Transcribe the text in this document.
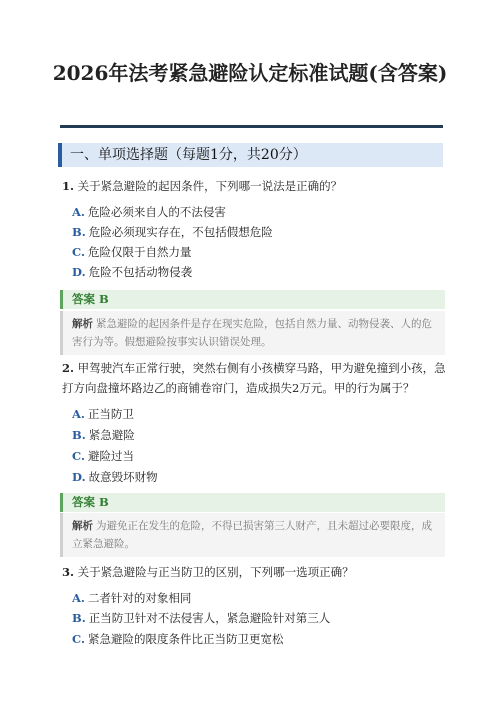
2026年法考紧急避险认定标准试题(含答案)
一、单项选择题（每题1分，共20分）
1. 关于紧急避险的起因条件，下列哪一说法是正确的？
A. 危险必须来自人的不法侵害
B. 危险必须现实存在，不包括假想危险
C. 危险仅限于自然力量
D. 危险不包括动物侵袭
答案 B
解析 紧急避险的起因条件是存在现实危险，包括自然力量、动物侵袭、人的危害行为等。假想避险按事实认识错误处理。
2. 甲驾驶汽车正常行驶，突然右侧有小孩横穿马路，甲为避免撞到小孩，急打方向盘撞坏路边乙的商铺卷帘门，造成损失2万元。甲的行为属于？
A. 正当防卫
B. 紧急避险
C. 避险过当
D. 故意毁坏财物
答案 B
解析 为避免正在发生的危险，不得已损害第三人财产，且未超过必要限度，成立紧急避险。
3. 关于紧急避险与正当防卫的区别，下列哪一选项正确？
A. 二者针对的对象相同
B. 正当防卫针对不法侵害人，紧急避险针对第三人
C. 紧急避险的限度条件比正当防卫更宽松
